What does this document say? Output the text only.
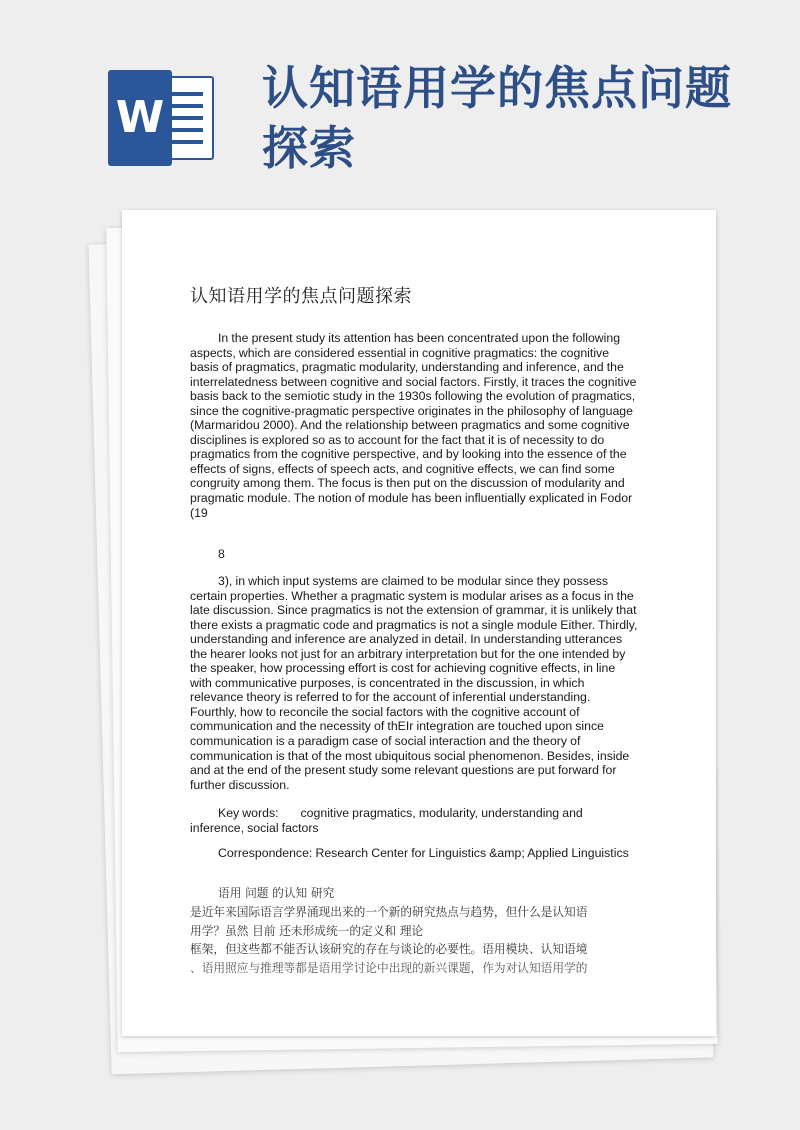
W
认知语用学的焦点问题探索
认知语用学的焦点问题探索

In the present study its attention has been concentrated upon the following aspects, which are considered essential in cognitive pragmatics: the cognitive basis of pragmatics, pragmatic modularity, understanding and inference, and the interrelatedness between cognitive and social factors. Firstly, it traces the cognitive basis back to the semiotic study in the 1930s following the evolution of pragmatics, since the cognitive-pragmatic perspective originates in the philosophy of language (Marmaridou 2000). And the relationship between pragmatics and some cognitive disciplines is explored so as to account for the fact that it is of necessity to do pragmatics from the cognitive perspective, and by looking into the essence of the effects of signs, effects of speech acts, and cognitive effects, we can find some congruity among them. The focus is then put on the discussion of modularity and pragmatic module. The notion of module has been influentially explicated in Fodor (19

8

3), in which input systems are claimed to be modular since they possess certain properties. Whether a pragmatic system is modular arises as a focus in the late discussion. Since pragmatics is not the extension of grammar, it is unlikely that there exists a pragmatic code and pragmatics is not a single module Either. Thirdly, understanding and inference are analyzed in detail. In understanding utterances the hearer looks not just for an arbitrary interpretation but for the one intended by the speaker, how processing effort is cost for achieving cognitive effects, in line with communicative purposes, is concentrated in the discussion, in which relevance theory is referred to for the account of inferential understanding. Fourthly, how to reconcile the social factors with the cognitive account of communication and the necessity of thEIr integration are touched upon since communication is a paradigm case of social interaction and the theory of communication is that of the most ubiquitous social phenomenon. Besides, inside and at the end of the present study some relevant questions are put forward for further discussion.

Key words: cognitive pragmatics, modularity, understanding and inference, social factors

Correspondence: Research Center for Linguistics &amp; Applied Linguistics

语用 问题 的认知 研究

是近年来国际语言学界涌现出来的一个新的研究热点与趋势，但什么是认知语
用学？虽然 目前 还未形成统一的定义和 理论
框架，但这些都不能否认该研究的存在与谈论的必要性。语用模块、认知语境
、语用照应与推理等都是语用学讨论中出现的新兴课题，作为对认知语用学的
